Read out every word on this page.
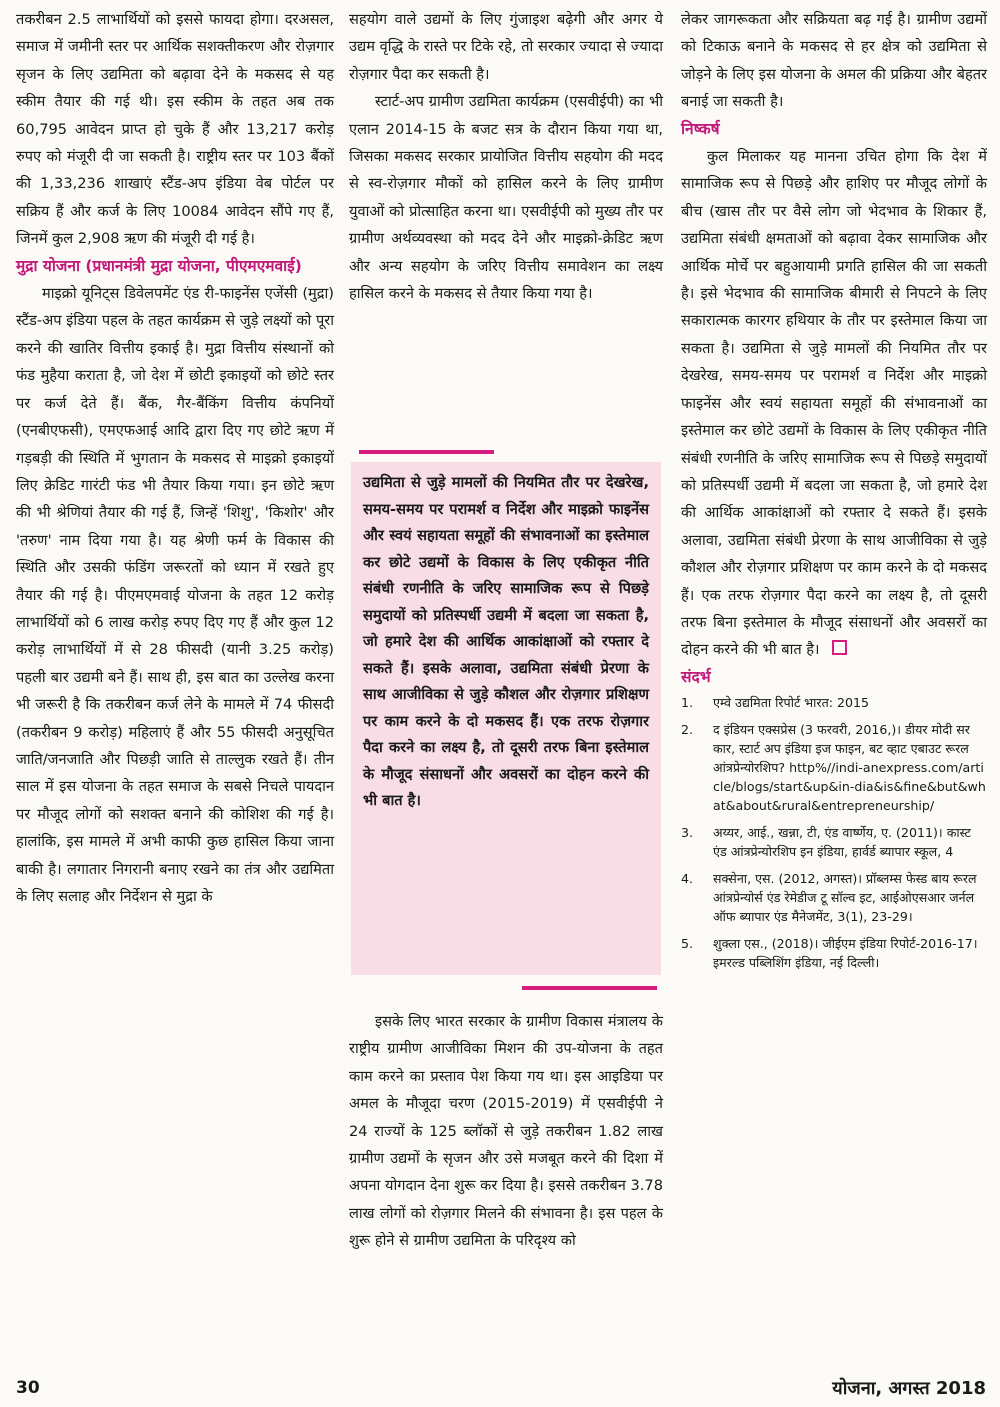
तकरीबन 2.5 लाभार्थियों को इससे फायदा होगा। दरअसल, समाज में जमीनी स्तर पर आर्थिक सशक्तीकरण और रोज़गार सृजन के लिए उद्यमिता को बढ़ावा देने के मकसद से यह स्कीम तैयार की गई थी। इस स्कीम के तहत अब तक 60,795 आवेदन प्राप्त हो चुके हैं और 13,217 करोड़ रुपए को मंजूरी दी जा सकती है। राष्ट्रीय स्तर पर 103 बैंकों की 1,33,236 शाखाएं स्टैंड-अप इंडिया वेब पोर्टल पर सक्रिय हैं और कर्ज के लिए 10084 आवेदन सौंपे गए हैं, जिनमें कुल 2,908 ऋण की मंजूरी दी गई है।

मुद्रा योजना (प्रधानमंत्री मुद्रा योजना, पीएमएमवाई)

माइक्रो यूनिट्स डिवेलपमेंट एंड री-फाइनेंस एजेंसी (मुद्रा) स्टैंड-अप इंडिया पहल के तहत कार्यक्रम से जुड़े लक्ष्यों को पूरा करने की खातिर वित्तीय इकाई है। मुद्रा वित्तीय संस्थानों को फंड मुहैया कराता है, जो देश में छोटी इकाइयों को छोटे स्तर पर कर्ज देते हैं। बैंक, गैर-बैंकिंग वित्तीय कंपनियों (एनबीएफसी), एमएफआई आदि द्वारा दिए गए छोटे ऋण में गड़बड़ी की स्थिति में भुगतान के मकसद से माइक्रो इकाइयों लिए क्रेडिट गारंटी फंड भी तैयार किया गया। इन छोटे ऋण की भी श्रेणियां तैयार की गई हैं, जिन्हें 'शिशु', 'किशोर' और 'तरुण' नाम दिया गया है। यह श्रेणी फर्म के विकास की स्थिति और उसकी फंडिंग जरूरतों को ध्यान में रखते हुए तैयार की गई है। पीएमएमवाई योजना के तहत 12 करोड़ लाभार्थियों को 6 लाख करोड़ रुपए दिए गए हैं और कुल 12 करोड़ लाभार्थियों में से 28 फीसदी (यानी 3.25 करोड़) पहली बार उद्यमी बने हैं। साथ ही, इस बात का उल्लेख करना भी जरूरी है कि तकरीबन कर्ज लेने के मामले में 74 फीसदी (तकरीबन 9 करोड़) महिलाएं हैं और 55 फीसदी अनुसूचित जाति/जनजाति और पिछड़ी जाति से ताल्लुक रखते हैं। तीन साल में इस योजना के तहत समाज के सबसे निचले पायदान पर मौजूद लोगों को सशक्त बनाने की कोशिश की गई है। हालांकि, इस मामले में अभी काफी कुछ हासिल किया जाना बाकी है। लगातार निगरानी बनाए रखने का तंत्र और उद्यमिता के लिए सलाह और निर्देशन से मुद्रा के

सहयोग वाले उद्यमों के लिए गुंजाइश बढ़ेगी और अगर ये उद्यम वृद्धि के रास्ते पर टिके रहे, तो सरकार ज्यादा से ज्यादा रोज़गार पैदा कर सकती है।

स्टार्ट-अप ग्रामीण उद्यमिता कार्यक्रम (एसवीईपी) का भी एलान 2014-15 के बजट सत्र के दौरान किया गया था, जिसका मकसद सरकार प्रायोजित वित्तीय सहयोग की मदद से स्व-रोज़गार मौकों को हासिल करने के लिए ग्रामीण युवाओं को प्रोत्साहित करना था। एसवीईपी को मुख्य तौर पर ग्रामीण अर्थव्यवस्था को मदद देने और माइक्रो-क्रेडिट ऋण और अन्य सहयोग के जरिए वित्तीय समावेशन का लक्ष्य हासिल करने के मकसद से तैयार किया गया है।

उद्यमिता से जुड़े मामलों की नियमित तौर पर देखरेख, समय-समय पर परामर्श व निर्देश और माइक्रो फाइनेंस और स्वयं सहायता समूहों की संभावनाओं का इस्तेमाल कर छोटे उद्यमों के विकास के लिए एकीकृत नीति संबंधी रणनीति के जरिए सामाजिक रूप से पिछड़े समुदायों को प्रतिस्पर्धी उद्यमी में बदला जा सकता है, जो हमारे देश की आर्थिक आकांक्षाओं को रफ्तार दे सकते हैं। इसके अलावा, उद्यमिता संबंधी प्रेरणा के साथ आजीविका से जुड़े कौशल और रोज़गार प्रशिक्षण पर काम करने के दो मकसद हैं। एक तरफ रोज़गार पैदा करने का लक्ष्य है, तो दूसरी तरफ बिना इस्तेमाल के मौजूद संसाधनों और अवसरों का दोहन करने की भी बात है।

इसके लिए भारत सरकार के ग्रामीण विकास मंत्रालय के राष्ट्रीय ग्रामीण आजीविका मिशन की उप-योजना के तहत काम करने का प्रस्ताव पेश किया गय था। इस आइडिया पर अमल के मौजूदा चरण (2015-2019) में एसवीईपी ने 24 राज्यों के 125 ब्लॉकों से जुड़े तकरीबन 1.82 लाख ग्रामीण उद्यमों के सृजन और उसे मजबूत करने की दिशा में अपना योगदान देना शुरू कर दिया है। इससे तकरीबन 3.78 लाख लोगों को रोज़गार मिलने की संभावना है। इस पहल के शुरू होने से ग्रामीण उद्यमिता के परिदृश्य को

लेकर जागरूकता और सक्रियता बढ़ गई है। ग्रामीण उद्यमों को टिकाऊ बनाने के मकसद से हर क्षेत्र को उद्यमिता से जोड़ने के लिए इस योजना के अमल की प्रक्रिया और बेहतर बनाई जा सकती है।

निष्कर्ष

कुल मिलाकर यह मानना उचित होगा कि देश में सामाजिक रूप से पिछड़े और हाशिए पर मौजूद लोगों के बीच (खास तौर पर वैसे लोग जो भेदभाव के शिकार हैं, उद्यमिता संबंधी क्षमताओं को बढ़ावा देकर सामाजिक और आर्थिक मोर्चे पर बहुआयामी प्रगति हासिल की जा सकती है। इसे भेदभाव की सामाजिक बीमारी से निपटने के लिए सकारात्मक कारगर हथियार के तौर पर इस्तेमाल किया जा सकता है। उद्यमिता से जुड़े मामलों की नियमित तौर पर देखरेख, समय-समय पर परामर्श व निर्देश और माइक्रो फाइनेंस और स्वयं सहायता समूहों की संभावनाओं का इस्तेमाल कर छोटे उद्यमों के विकास के लिए एकीकृत नीति संबंधी रणनीति के जरिए सामाजिक रूप से पिछड़े समुदायों को प्रतिस्पर्धी उद्यमी में बदला जा सकता है, जो हमारे देश की आर्थिक आकांक्षाओं को रफ्तार दे सकते हैं। इसके अलावा, उद्यमिता संबंधी प्रेरणा के साथ आजीविका से जुड़े कौशल और रोज़गार प्रशिक्षण पर काम करने के दो मकसद हैं। एक तरफ रोज़गार पैदा करने का लक्ष्य है, तो दूसरी तरफ बिना इस्तेमाल के मौजूद संसाधनों और अवसरों का दोहन करने की भी बात है।

संदर्भ
1. एम्वे उद्यमिता रिपोर्ट भारत: 2015
2. द इंडियन एक्सप्रेस (3 फरवरी, 2016,)। डीयर मोदी सरकार, स्टार्ट अप इंडिया इज फाइन, बट व्हाट एबाउट रूरल आंत्रप्रेन्योरशिप? http%//indi-anexpress.com/article/blogs/start&up&in-dia&is&fine&but&what&about&rural&entrepreneurship/
3. अय्यर, आई., खन्ना, टी, एंड वार्ष्णेय, ए. (2011)। कास्ट एंड आंत्रप्रेन्योरशिप इन इंडिया, हार्वर्ड ब्यापार स्कूल, 4
4. सक्सेना, एस. (2012, अगस्त)। प्रॉब्लम्स फेस्ड बाय रूरल आंत्रप्रेन्योर्स एंड रेमेडीज टू सॉल्व इट, आईओएसआर जर्नल ऑफ ब्यापार एंड मैनेजमेंट, 3(1), 23-29।
5. शुक्ला एस., (2018)। जीईएम इंडिया रिपोर्ट-2016-17। इमरल्ड पब्लिशिंग इंडिया, नई दिल्ली।
30	योजना, अगस्त 2018
